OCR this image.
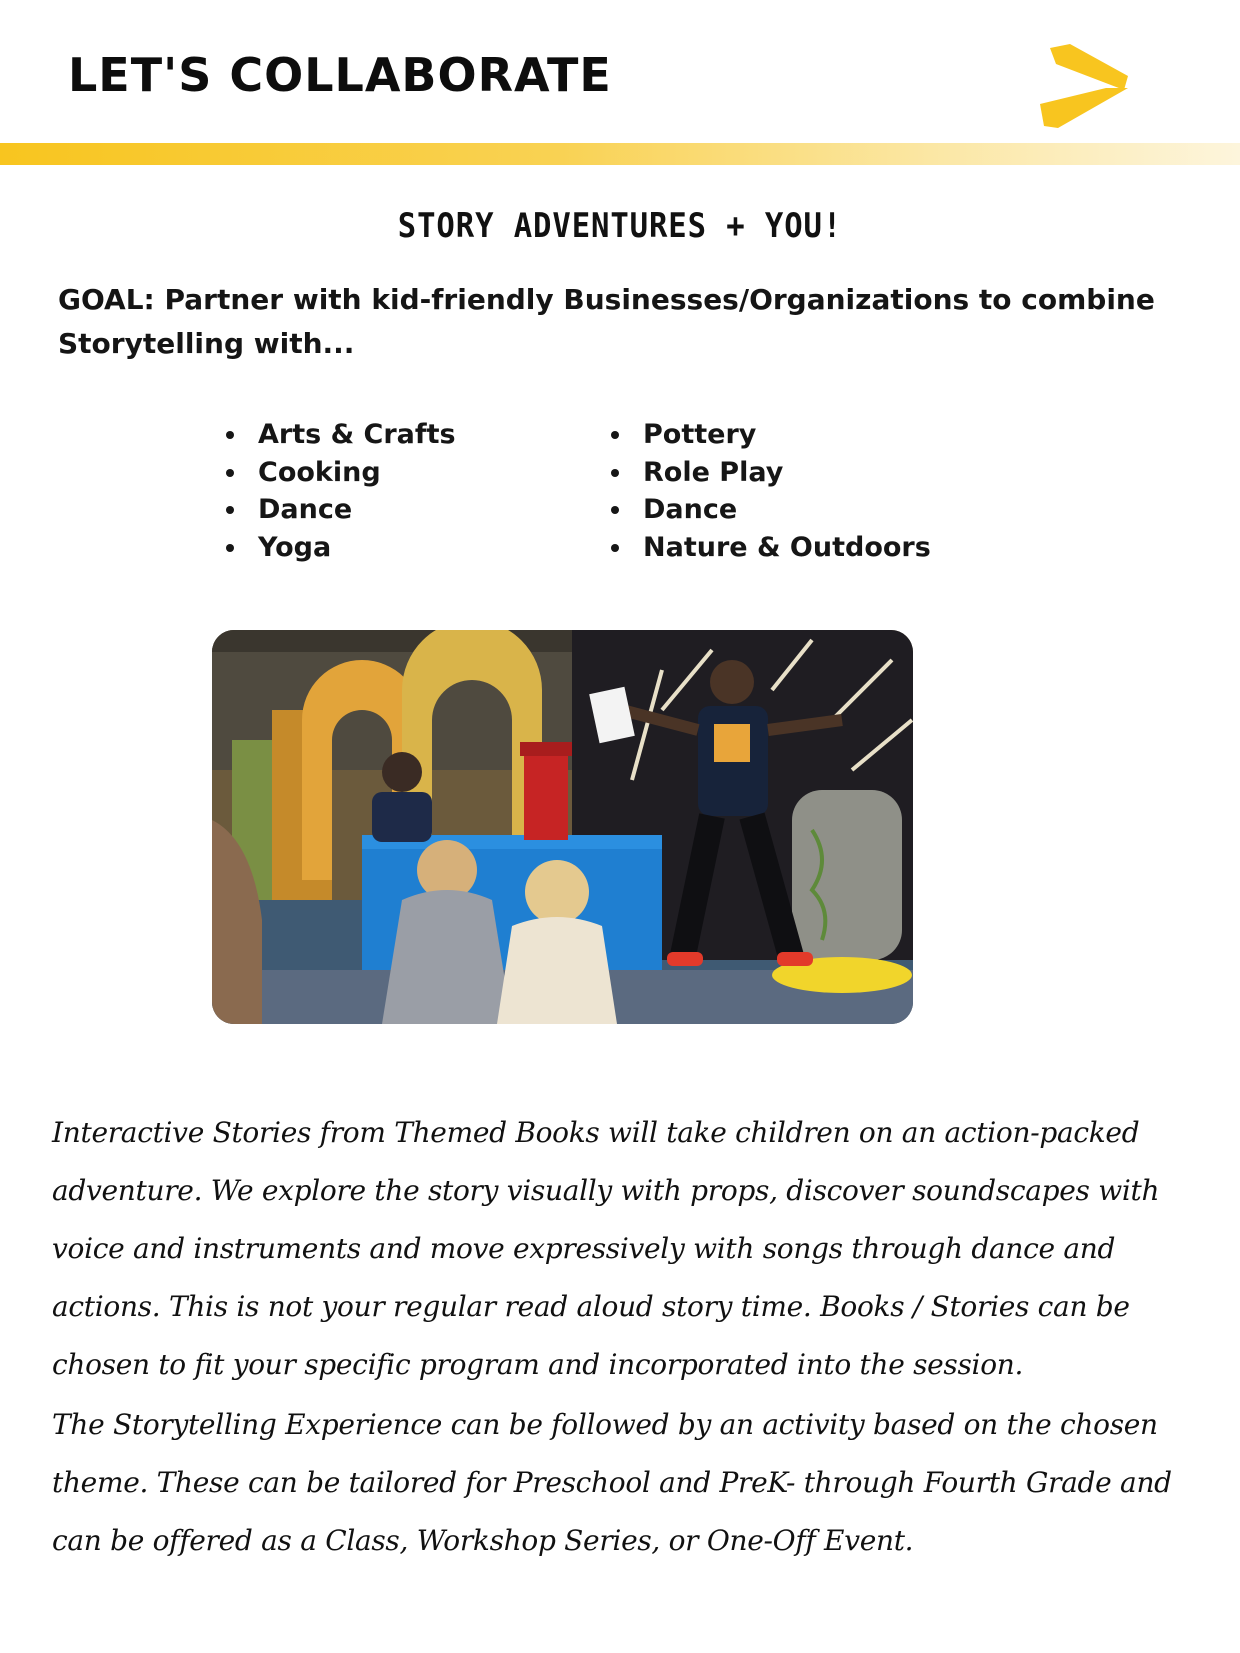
LET'S COLLABORATE
STORY ADVENTURES + YOU!

GOAL: Partner with kid-friendly Businesses/Organizations to combine Storytelling with...

Arts & Crafts
Cooking
Dance
Yoga
Pottery
Role Play
Dance
Nature & Outdoors

Interactive Stories from Themed Books will take children on an action-packed adventure. We explore the story visually with props, discover soundscapes with voice and instruments and move expressively with songs through dance and actions. This is not your regular read aloud story time. Books / Stories can be chosen to fit your specific program and incorporated into the session.

The Storytelling Experience can be followed by an activity based on the chosen theme. These can be tailored for Preschool and PreK- through Fourth Grade and can be offered as a Class, Workshop Series, or One-Off Event.
